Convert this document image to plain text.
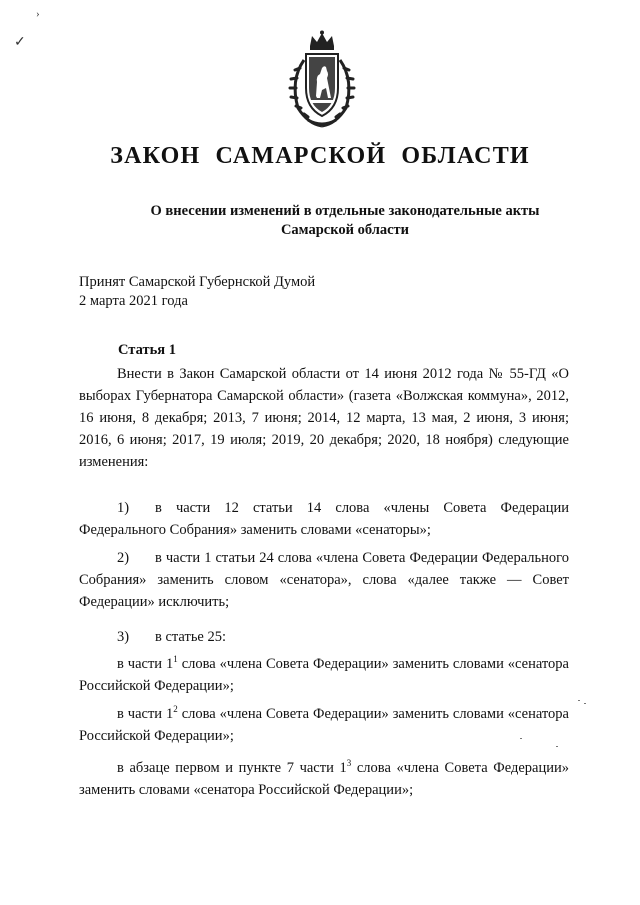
›
✓
ЗАКОН САМАРСКОЙ ОБЛАСТИ
О внесении изменений в отдельные законодательные акты
Самарской области
Принят Самарской Губернской Думой
2 марта 2021 года
Статья 1

Внести в Закон Самарской области от 14 июня 2012 года № 55-ГД «О выборах Губернатора Самарской области» (газета «Волжская коммуна», 2012, 16 июня, 8 декабря; 2013, 7 июня; 2014, 12 марта, 13 мая, 2 июня, 3 июня; 2016, 6 июня; 2017, 19 июля; 2019, 20 декабря; 2020, 18 ноября) следующие изменения:

1) в части 12 статьи 14 слова «члены Совета Федерации Федерального Собрания» заменить словами «сенаторы»;

2) в части 1 статьи 24 слова «члена Совета Федерации Федерального Собрания» заменить словом «сенатора», слова «далее также — Совет Федерации» исключить;

3) в статье 25:

в части $1^1$ слова «члена Совета Федерации» заменить словами «сенатора Российской Федерации»;

в части $1^2$ слова «члена Совета Федерации» заменить словами «сенатора Российской Федерации»;

в абзаце первом и пункте 7 части $1^3$ слова «члена Совета Федерации» заменить словами «сенатора Российской Федерации»;
